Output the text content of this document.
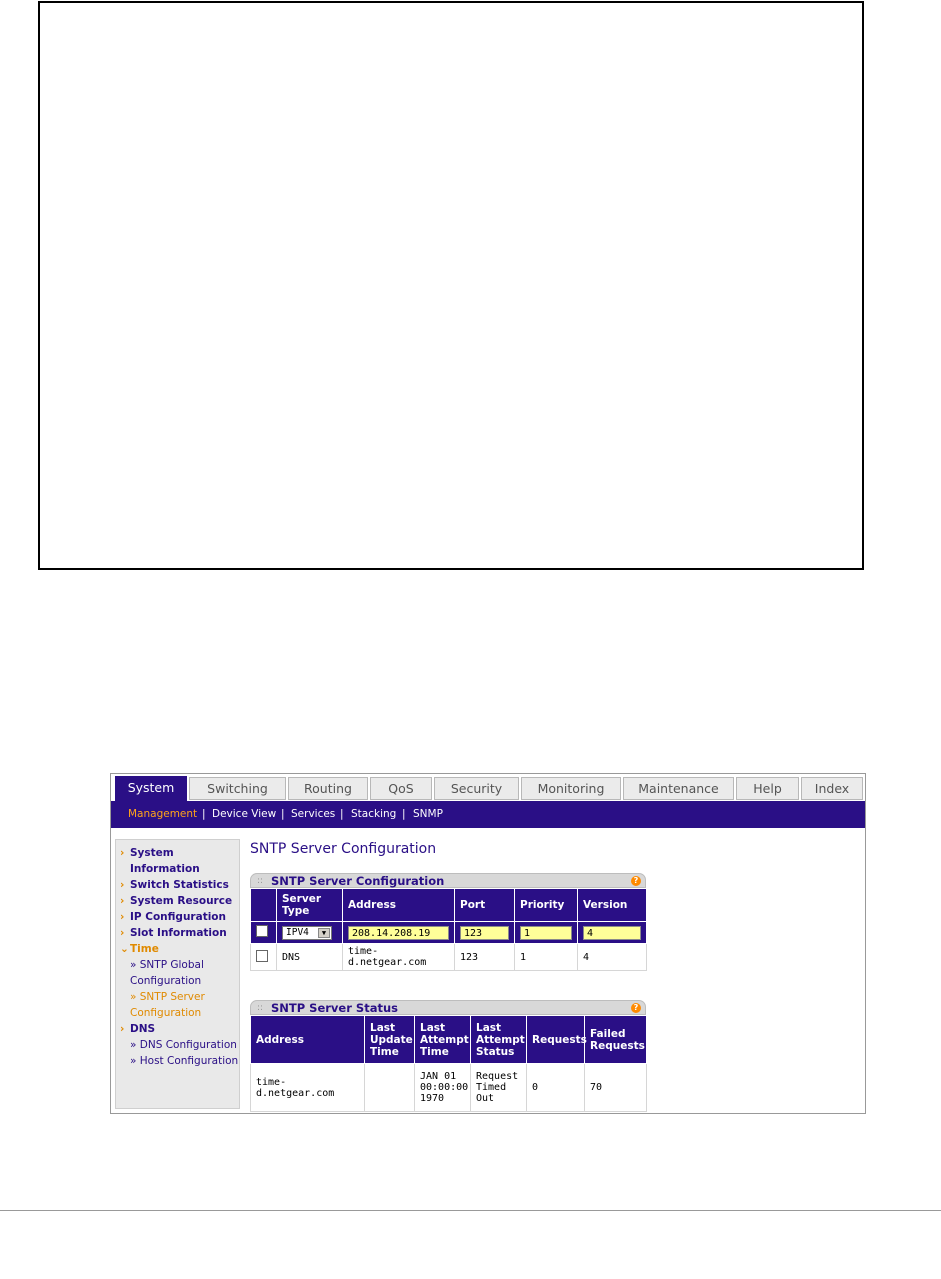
System	Switching	Routing	QoS	Security	Monitoring	Maintenance	Help	Index
Management | Device View | Services | Stacking | SNMP
› System Information
› Switch Statistics
› System Resource
› IP Configuration
› Slot Information
⌄Time
» SNTP Global Configuration
» SNTP Server Configuration
› DNS
» DNS Configuration
» Host Configuration
SNTP Server Configuration
:: SNTP Server Configuration	?
	Server Type	Address	Port	Priority	Version
	IPV4 ▼	208.14.208.19	123	1	4

	DNS	time-d.netgear.com	123	1	4
:: SNTP Server Status	?
Address	Last Update Time	Last Attempt Time	Last Attempt Status	Requests	Failed Requests
time-d.netgear.com		JAN 01 00:00:00 1970	Request Timed Out	0	70
